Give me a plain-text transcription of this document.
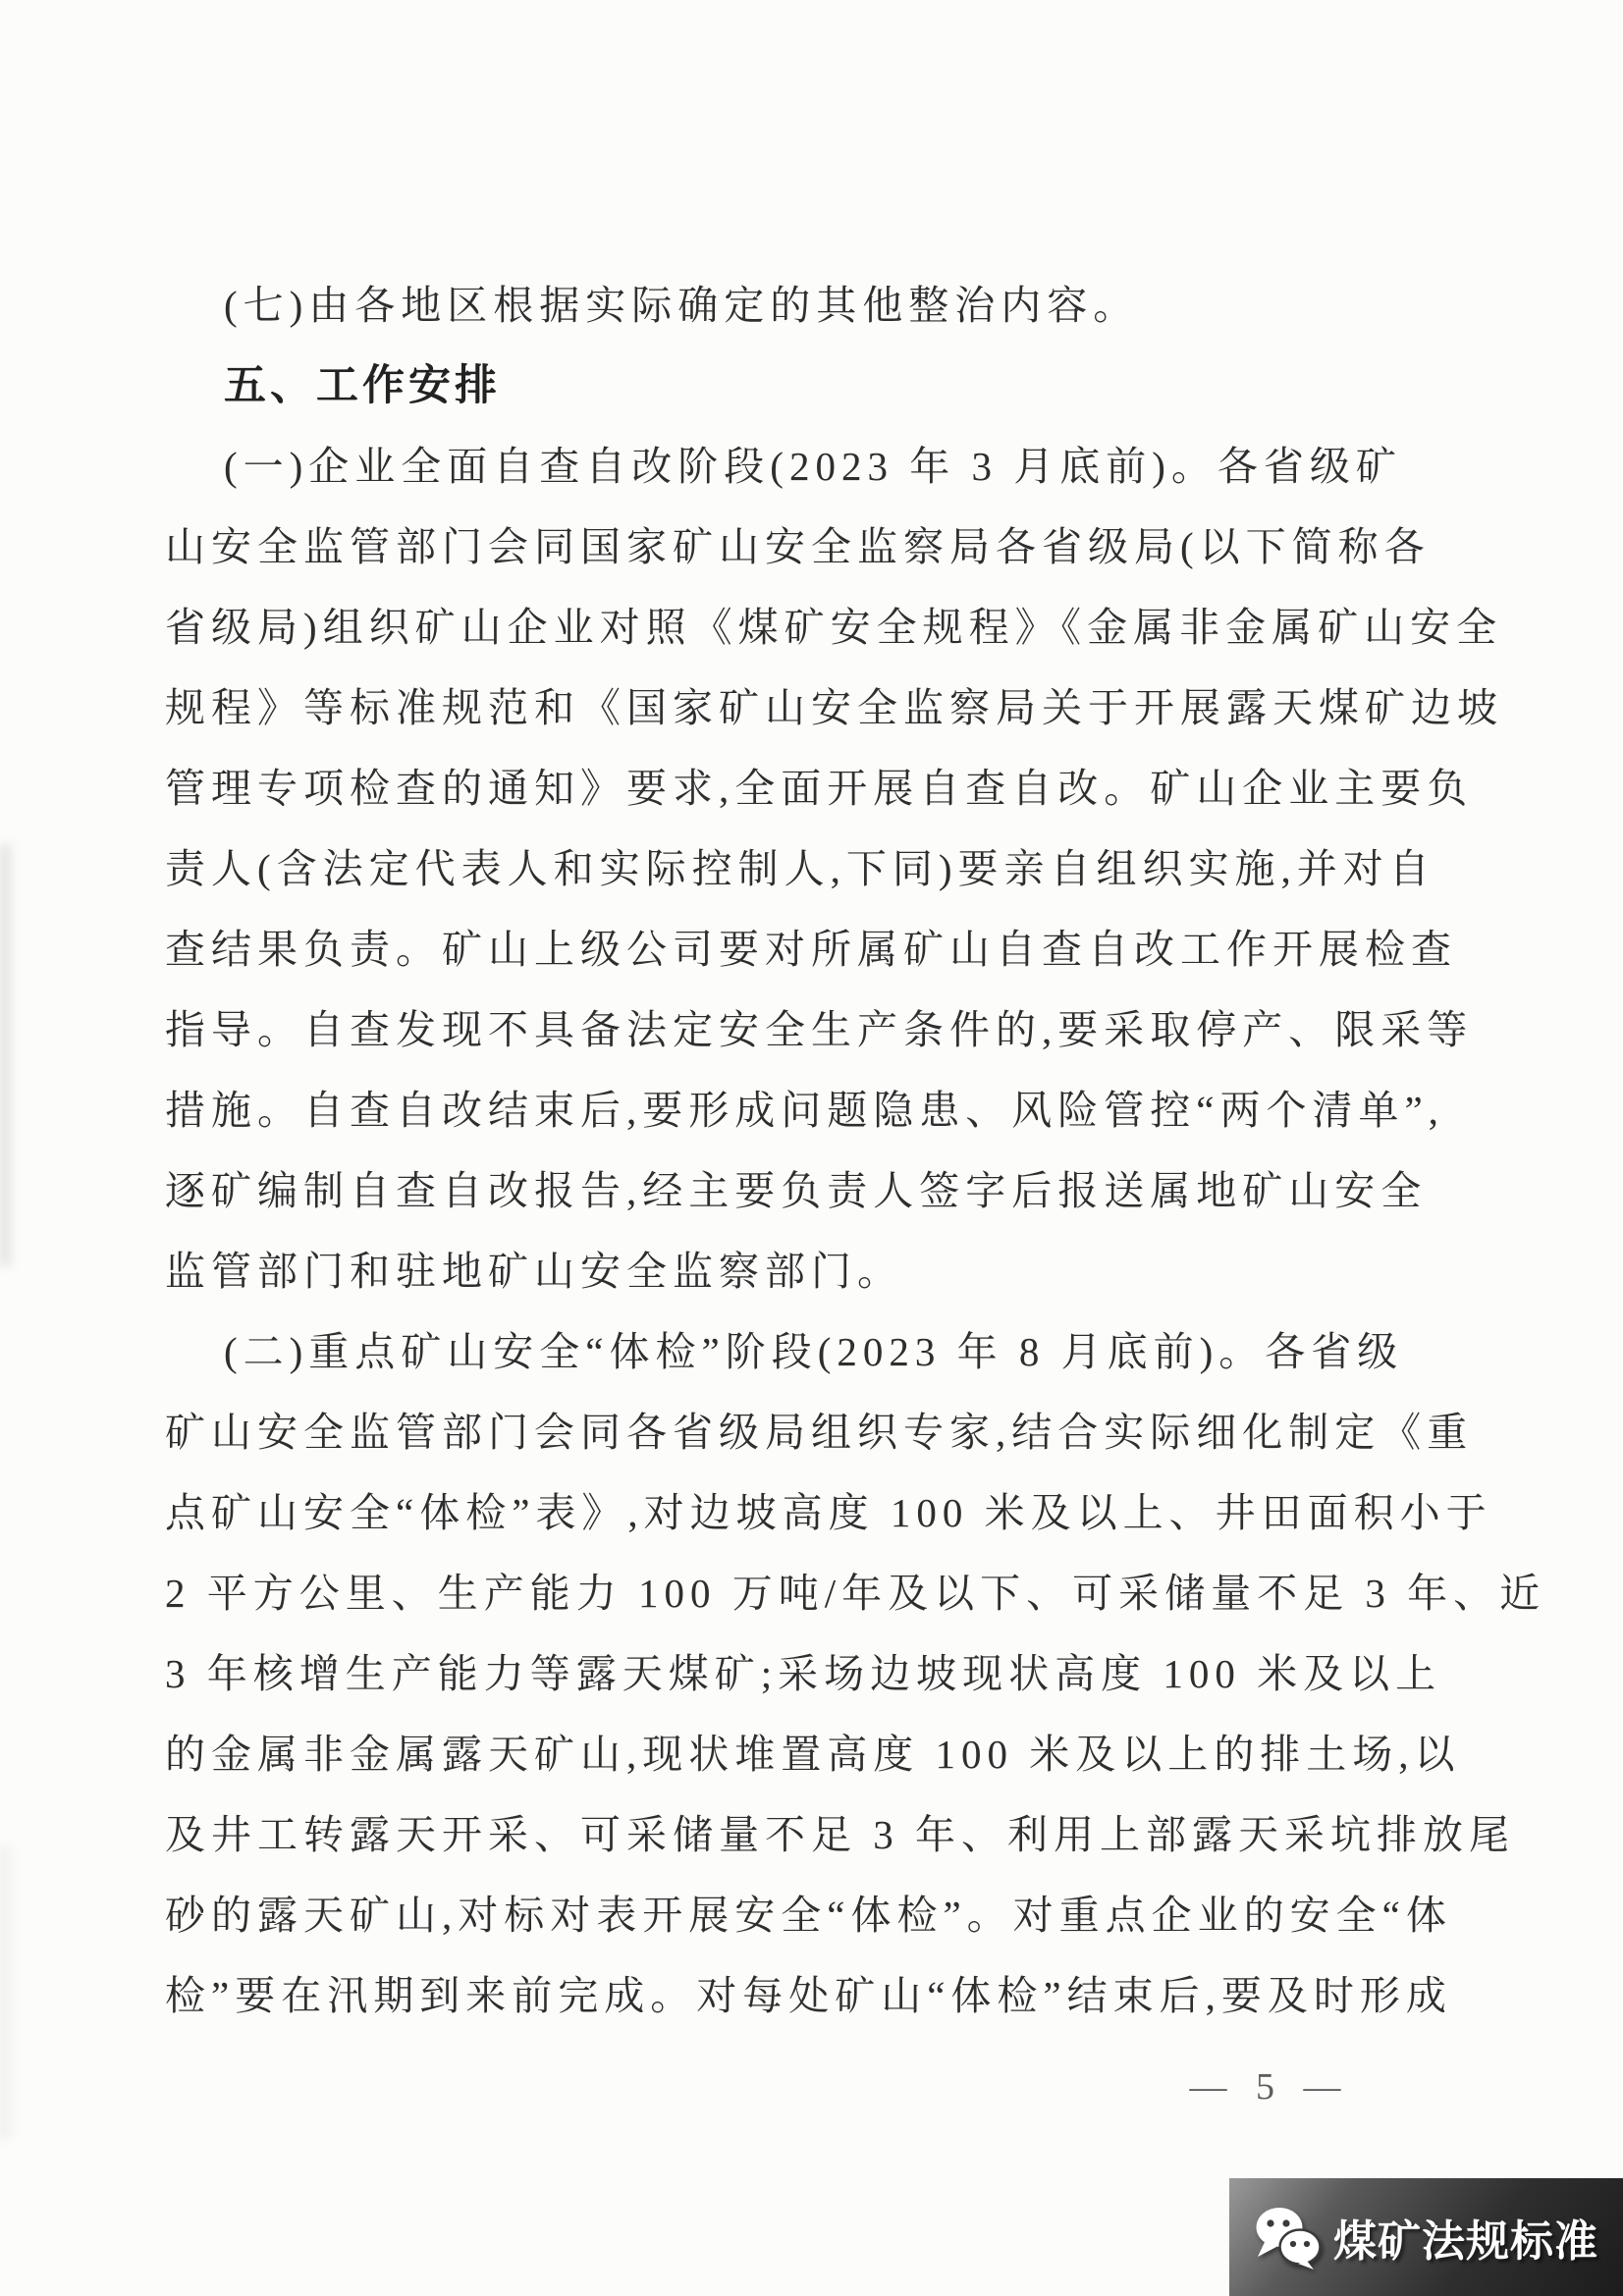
(七)由各地区根据实际确定的其他整治内容。
五、工作安排
(一)企业全面自查自改阶段(2023 年 3 月底前)。各省级矿
山安全监管部门会同国家矿山安全监察局各省级局(以下简称各
省级局)组织矿山企业对照《煤矿安全规程》《金属非金属矿山安全
规程》等标准规范和《国家矿山安全监察局关于开展露天煤矿边坡
管理专项检查的通知》要求,全面开展自查自改。矿山企业主要负
责人(含法定代表人和实际控制人,下同)要亲自组织实施,并对自
查结果负责。矿山上级公司要对所属矿山自查自改工作开展检查
指导。自查发现不具备法定安全生产条件的,要采取停产、限采等
措施。自查自改结束后,要形成问题隐患、风险管控“两个清单”,
逐矿编制自查自改报告,经主要负责人签字后报送属地矿山安全
监管部门和驻地矿山安全监察部门。
(二)重点矿山安全“体检”阶段(2023 年 8 月底前)。各省级
矿山安全监管部门会同各省级局组织专家,结合实际细化制定《重
点矿山安全“体检”表》,对边坡高度 100 米及以上、井田面积小于
2 平方公里、生产能力 100 万吨/年及以下、可采储量不足 3 年、近
3 年核增生产能力等露天煤矿;采场边坡现状高度 100 米及以上
的金属非金属露天矿山,现状堆置高度 100 米及以上的排土场,以
及井工转露天开采、可采储量不足 3 年、利用上部露天采坑排放尾
砂的露天矿山,对标对表开展安全“体检”。对重点企业的安全“体
检”要在汛期到来前完成。对每处矿山“体检”结束后,要及时形成
— 5 —
煤矿法规标准
